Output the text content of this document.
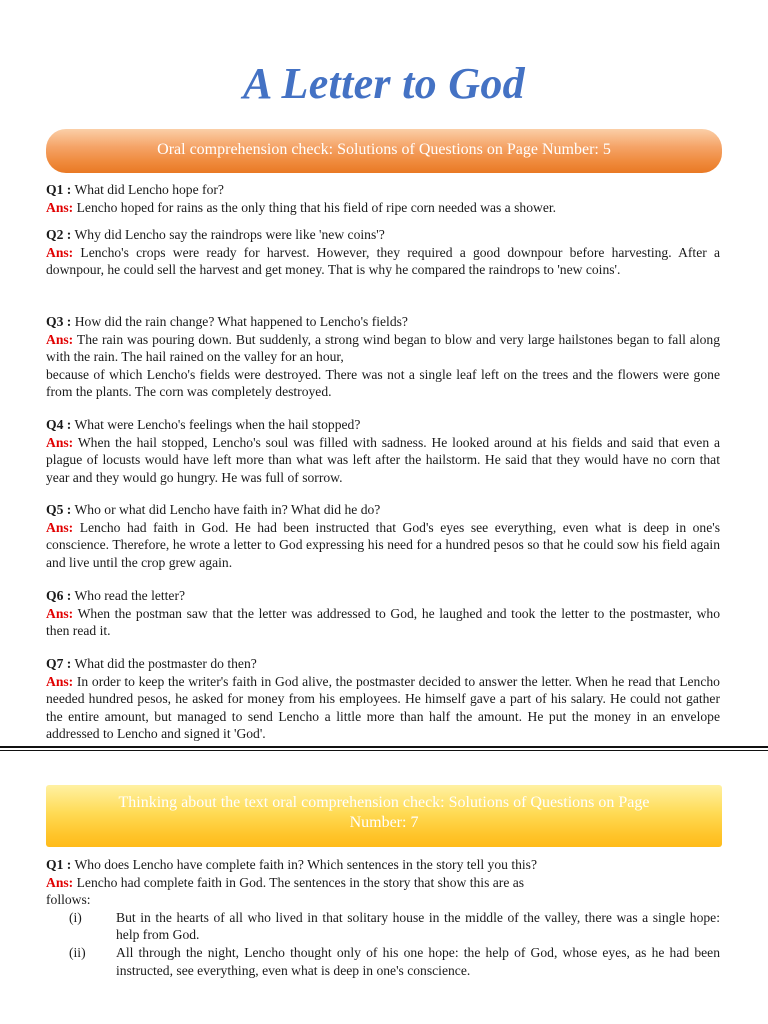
A Letter to God
Oral comprehension check: Solutions of Questions on Page Number: 5

Q1 : What did Lencho hope for?

Ans: Lencho hoped for rains as the only thing that his field of ripe corn needed was a shower.

Q2 : Why did Lencho say the raindrops were like 'new coins'?

Ans: Lencho's crops were ready for harvest. However, they required a good downpour before harvesting. After a downpour, he could sell the harvest and get money. That is why he compared the raindrops to 'new coins'.

Q3 : How did the rain change? What happened to Lencho's fields?

Ans: The rain was pouring down. But suddenly, a strong wind began to blow and very large hailstones began to fall along with the rain. The hail rained on the valley for an hour,

because of which Lencho's fields were destroyed. There was not a single leaf left on the trees and the flowers were gone from the plants. The corn was completely destroyed.

Q4 : What were Lencho's feelings when the hail stopped?

Ans: When the hail stopped, Lencho's soul was filled with sadness. He looked around at his fields and said that even a plague of locusts would have left more than what was left after the hailstorm. He said that they would have no corn that year and they would go hungry. He was full of sorrow.

Q5 : Who or what did Lencho have faith in? What did he do?

Ans: Lencho had faith in God. He had been instructed that God's eyes see everything, even what is deep in one's conscience. Therefore, he wrote a letter to God expressing his need for a hundred pesos so that he could sow his field again and live until the crop grew again.

Q6 : Who read the letter?

Ans: When the postman saw that the letter was addressed to God, he laughed and took the letter to the postmaster, who then read it.

Q7 : What did the postmaster do then?

Ans: In order to keep the writer's faith in God alive, the postmaster decided to answer the letter. When he read that Lencho needed hundred pesos, he asked for money from his employees. He himself gave a part of his salary. He could not gather the entire amount, but managed to send Lencho a little more than half the amount. He put the money in an envelope addressed to Lencho and signed it 'God'.

Thinking about the text oral comprehension check: Solutions of Questions on Page
Number: 7

Q1 : Who does Lencho have complete faith in? Which sentences in the story tell you this?

Ans: Lencho had complete faith in God. The sentences in the story that show this are as

follows:

(i)	But in the hearts of all who lived in that solitary house in the middle of the valley, there was a single hope: help from God.

(ii) All through the night, Lencho thought only of his one hope: the help of God, whose eyes, as he had been instructed, see everything, even what is deep in one's conscience.
